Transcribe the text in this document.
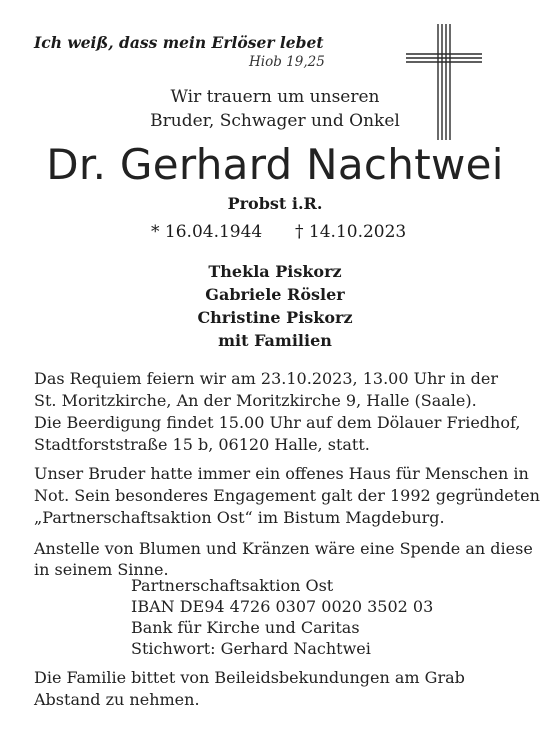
Ich weiß, dass mein Erlöser lebet
Hiob 19,25
Wir trauern um unseren
Bruder, Schwager und Onkel
Dr. Gerhard Nachtwei
Probst i.R.
* 16.04.1944 † 14.10.2023
Thekla Piskorz
Gabriele Rösler
Christine Piskorz
mit Familien
Das Requiem feiern wir am 23.10.2023, 13.00 Uhr in der
St. Moritzkirche, An der Moritzkirche 9, Halle (Saale).
Die Beerdigung findet 15.00 Uhr auf dem Dölauer Friedhof,
Stadtforststraße 15 b, 06120 Halle, statt.
Unser Bruder hatte immer ein offenes Haus für Menschen in
Not. Sein besonderes Engagement galt der 1992 gegründeten
„Partnerschaftsaktion Ost“ im Bistum Magdeburg.
Anstelle von Blumen und Kränzen wäre eine Spende an diese
in seinem Sinne.
Partnerschaftsaktion Ost
IBAN DE94 4726 0307 0020 3502 03
Bank für Kirche und Caritas
Stichwort: Gerhard Nachtwei
Die Familie bittet von Beileidsbekundungen am Grab
Abstand zu nehmen.
